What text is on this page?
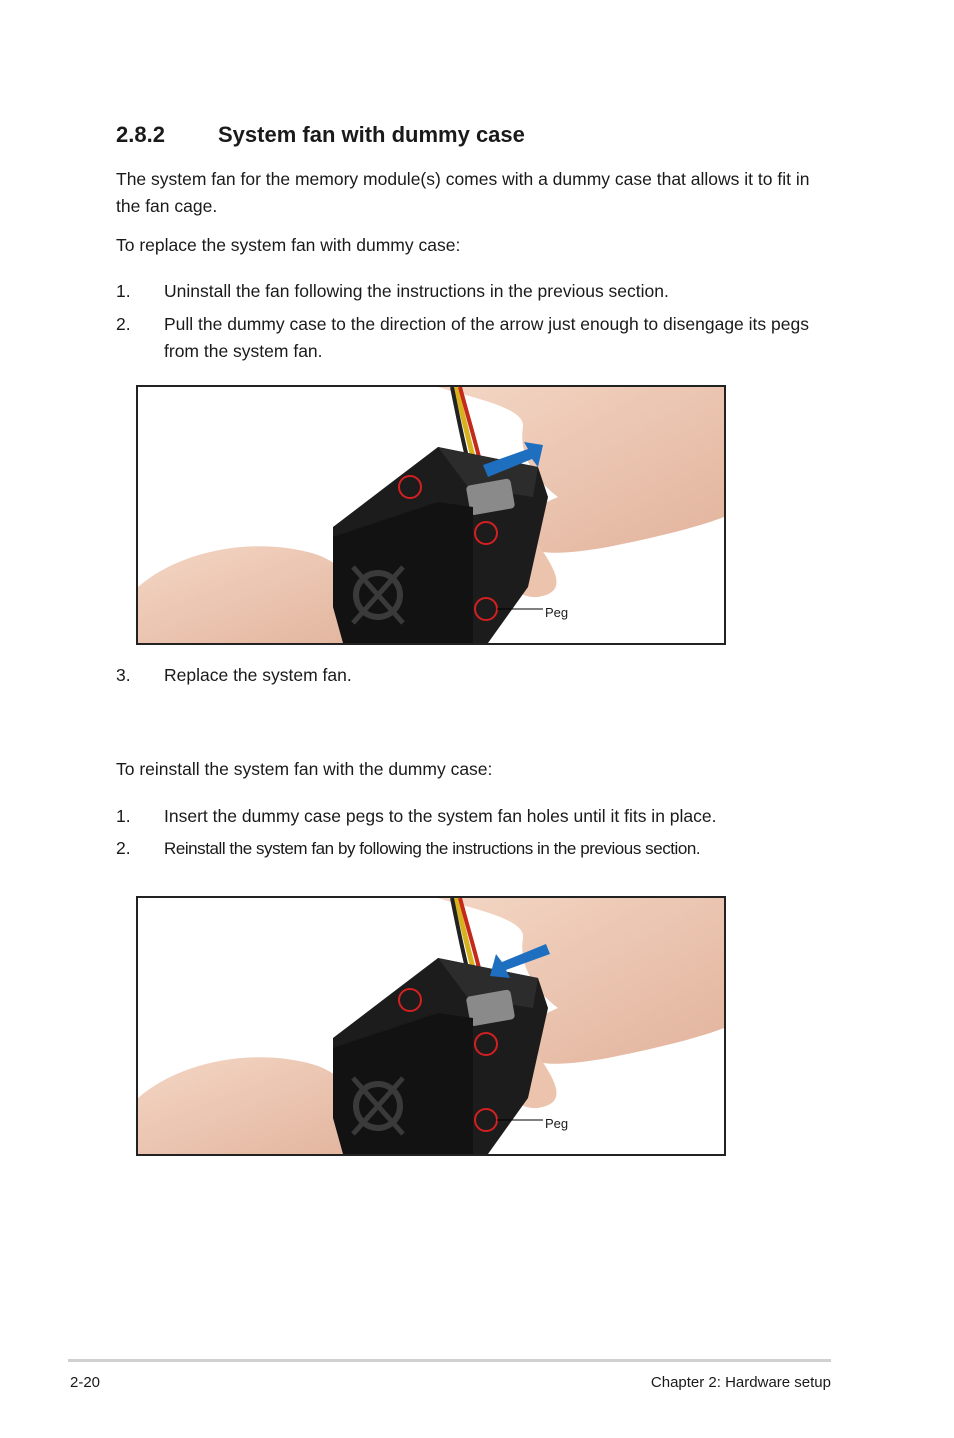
2.8.2 System fan with dummy case
The system fan for the memory module(s) comes with a dummy case that allows it to fit in the fan cage.
To replace the system fan with dummy case:
1. Uninstall the fan following the instructions in the previous section.
2. Pull the dummy case to the direction of the arrow just enough to disengage its pegs from the system fan.
Peg
3. Replace the system fan.
To reinstall the system fan with the dummy case:
1. Insert the dummy case pegs to the system fan holes until it fits in place.
2. Reinstall the system fan by following the instructions in the previous section.
Peg
2-20	Chapter 2: Hardware setup
